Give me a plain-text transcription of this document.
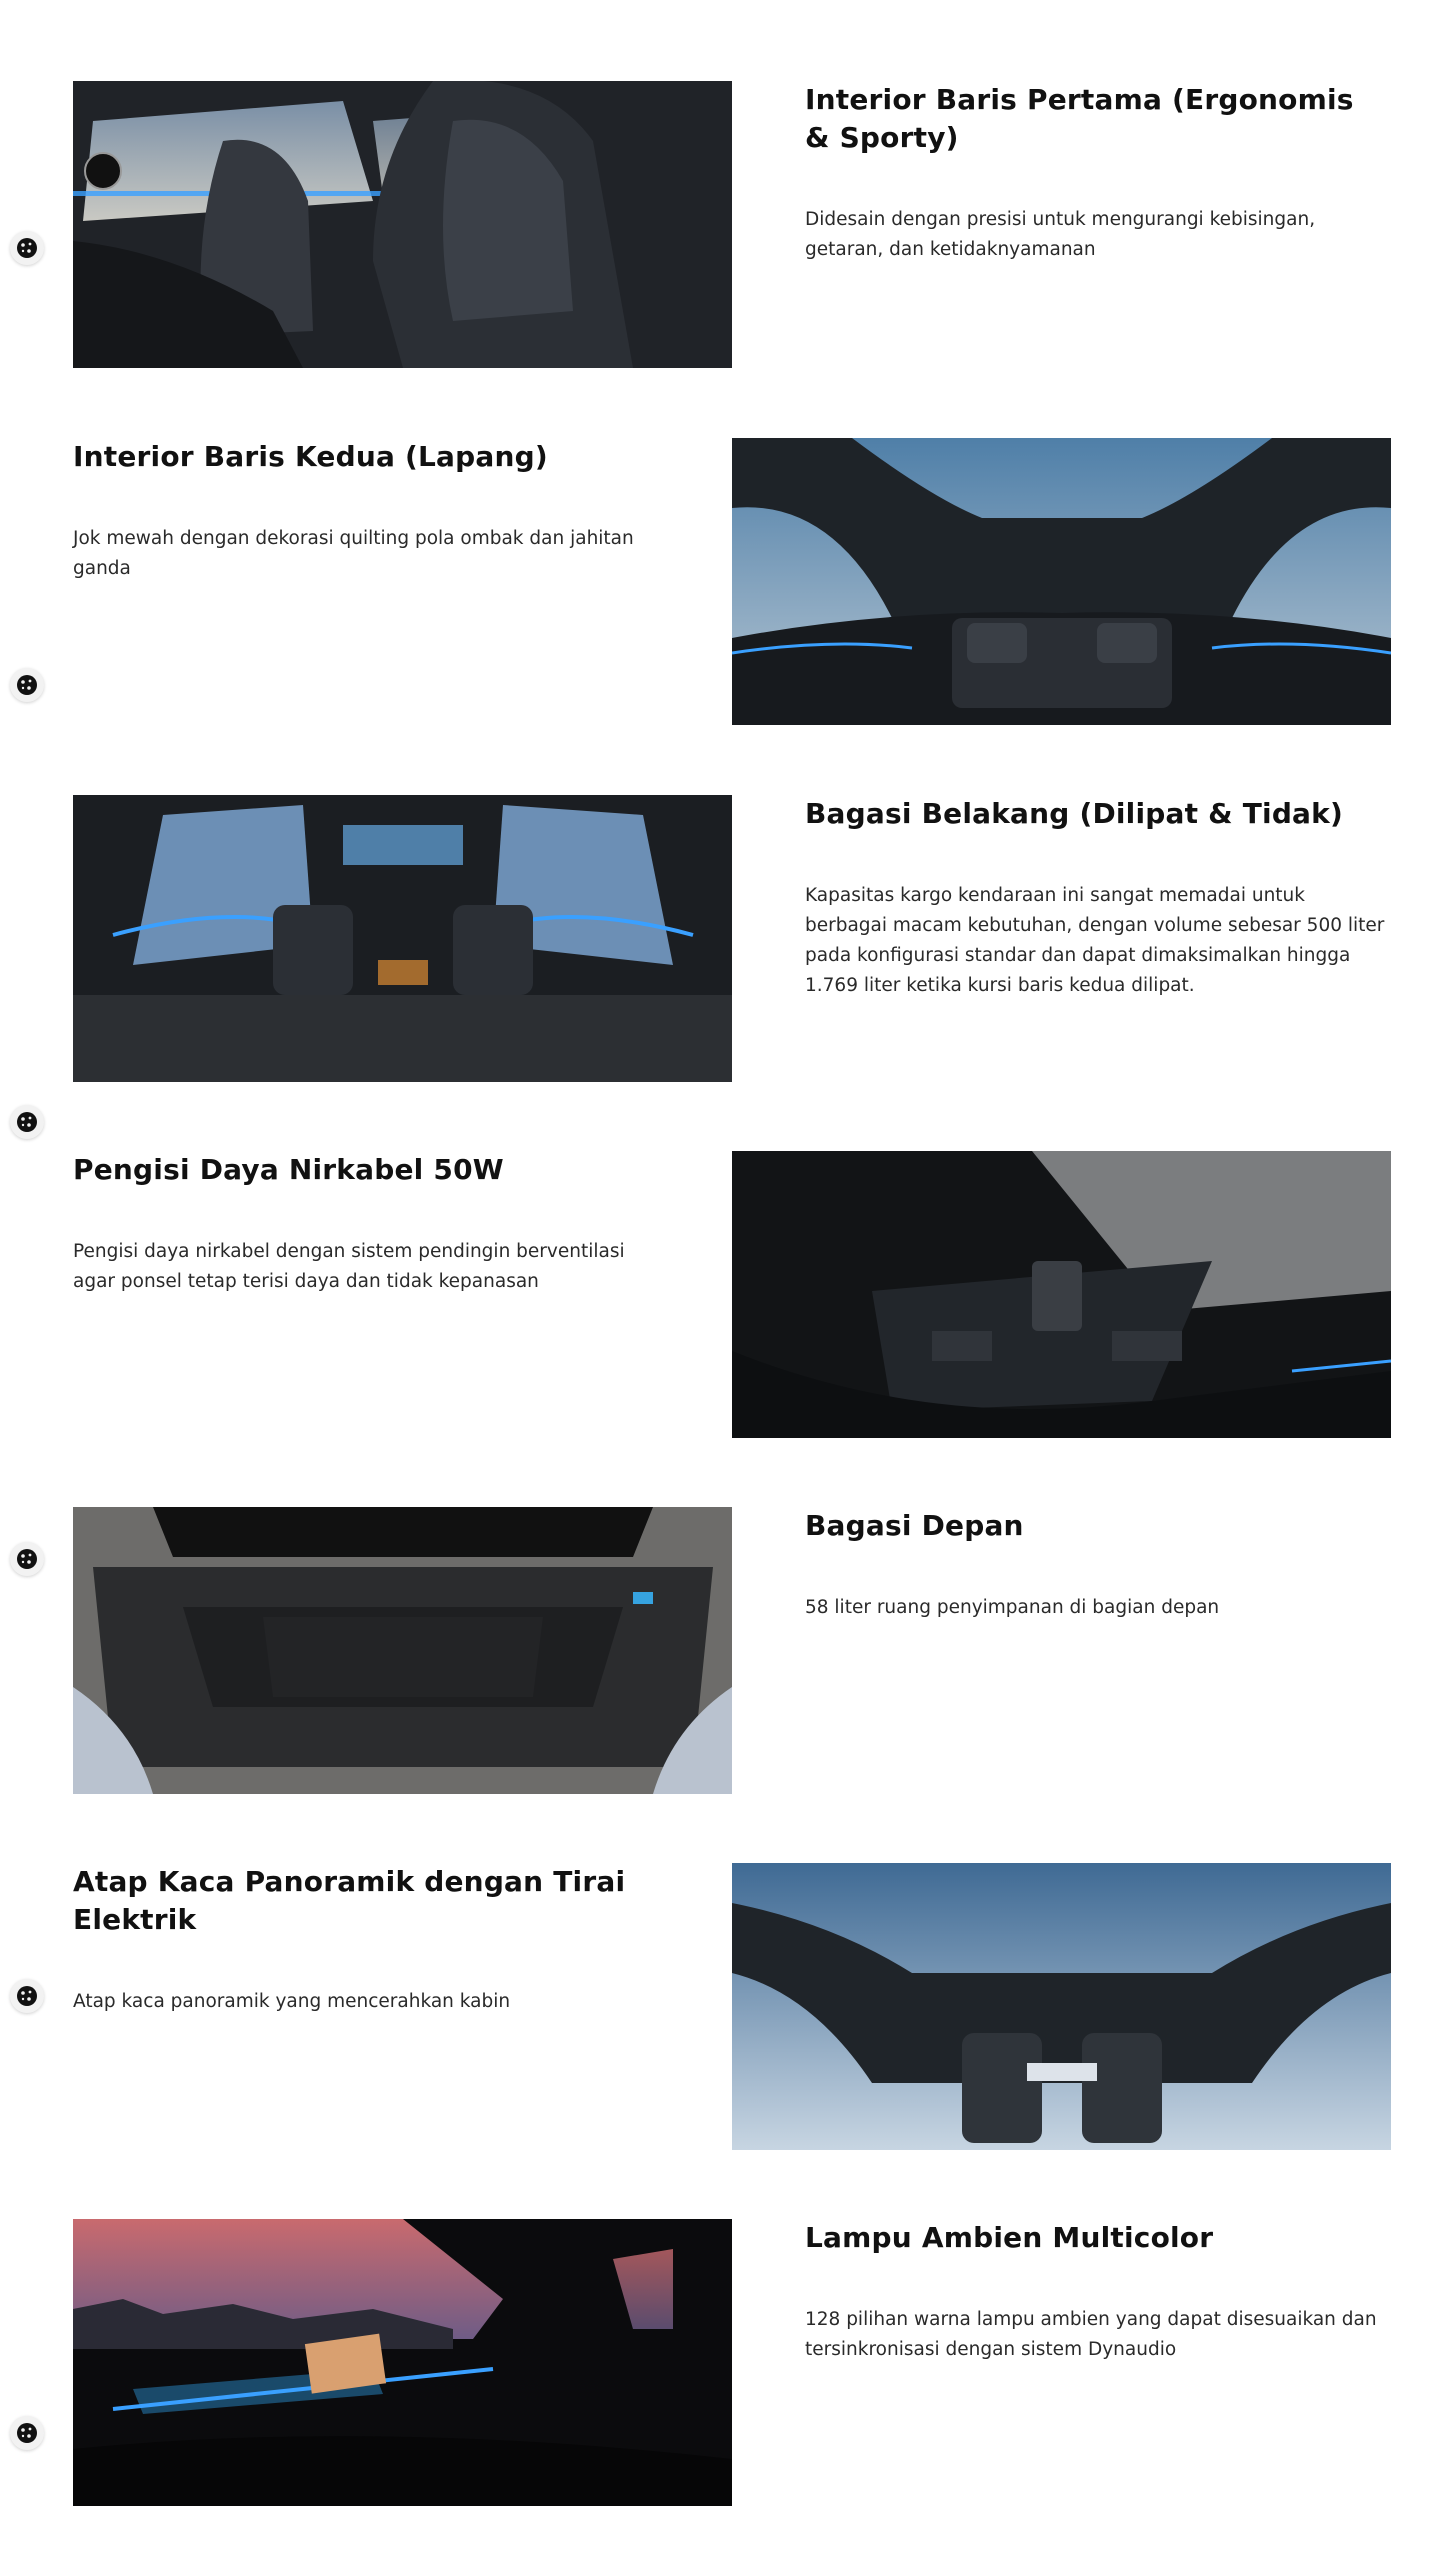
Interior Baris Pertama (Ergonomis & Sporty)

Didesain dengan presisi untuk mengurangi kebisingan, getaran, dan ketidaknyamanan

Interior Baris Kedua (Lapang)

Jok mewah dengan dekorasi quilting pola ombak dan jahitan ganda

Bagasi Belakang (Dilipat & Tidak)

Kapasitas kargo kendaraan ini sangat memadai untuk berbagai macam kebutuhan, dengan volume sebesar 500 liter pada konfigurasi standar dan dapat dimaksimalkan hingga 1.769 liter ketika kursi baris kedua dilipat.

Pengisi Daya Nirkabel 50W

Pengisi daya nirkabel dengan sistem pendingin berventilasi agar ponsel tetap terisi daya dan tidak kepanasan

Bagasi Depan

58 liter ruang penyimpanan di bagian depan

Atap Kaca Panoramik dengan Tirai Elektrik

Atap kaca panoramik yang mencerahkan kabin

Lampu Ambien Multicolor

128 pilihan warna lampu ambien yang dapat disesuaikan dan tersinkronisasi dengan sistem Dynaudio
